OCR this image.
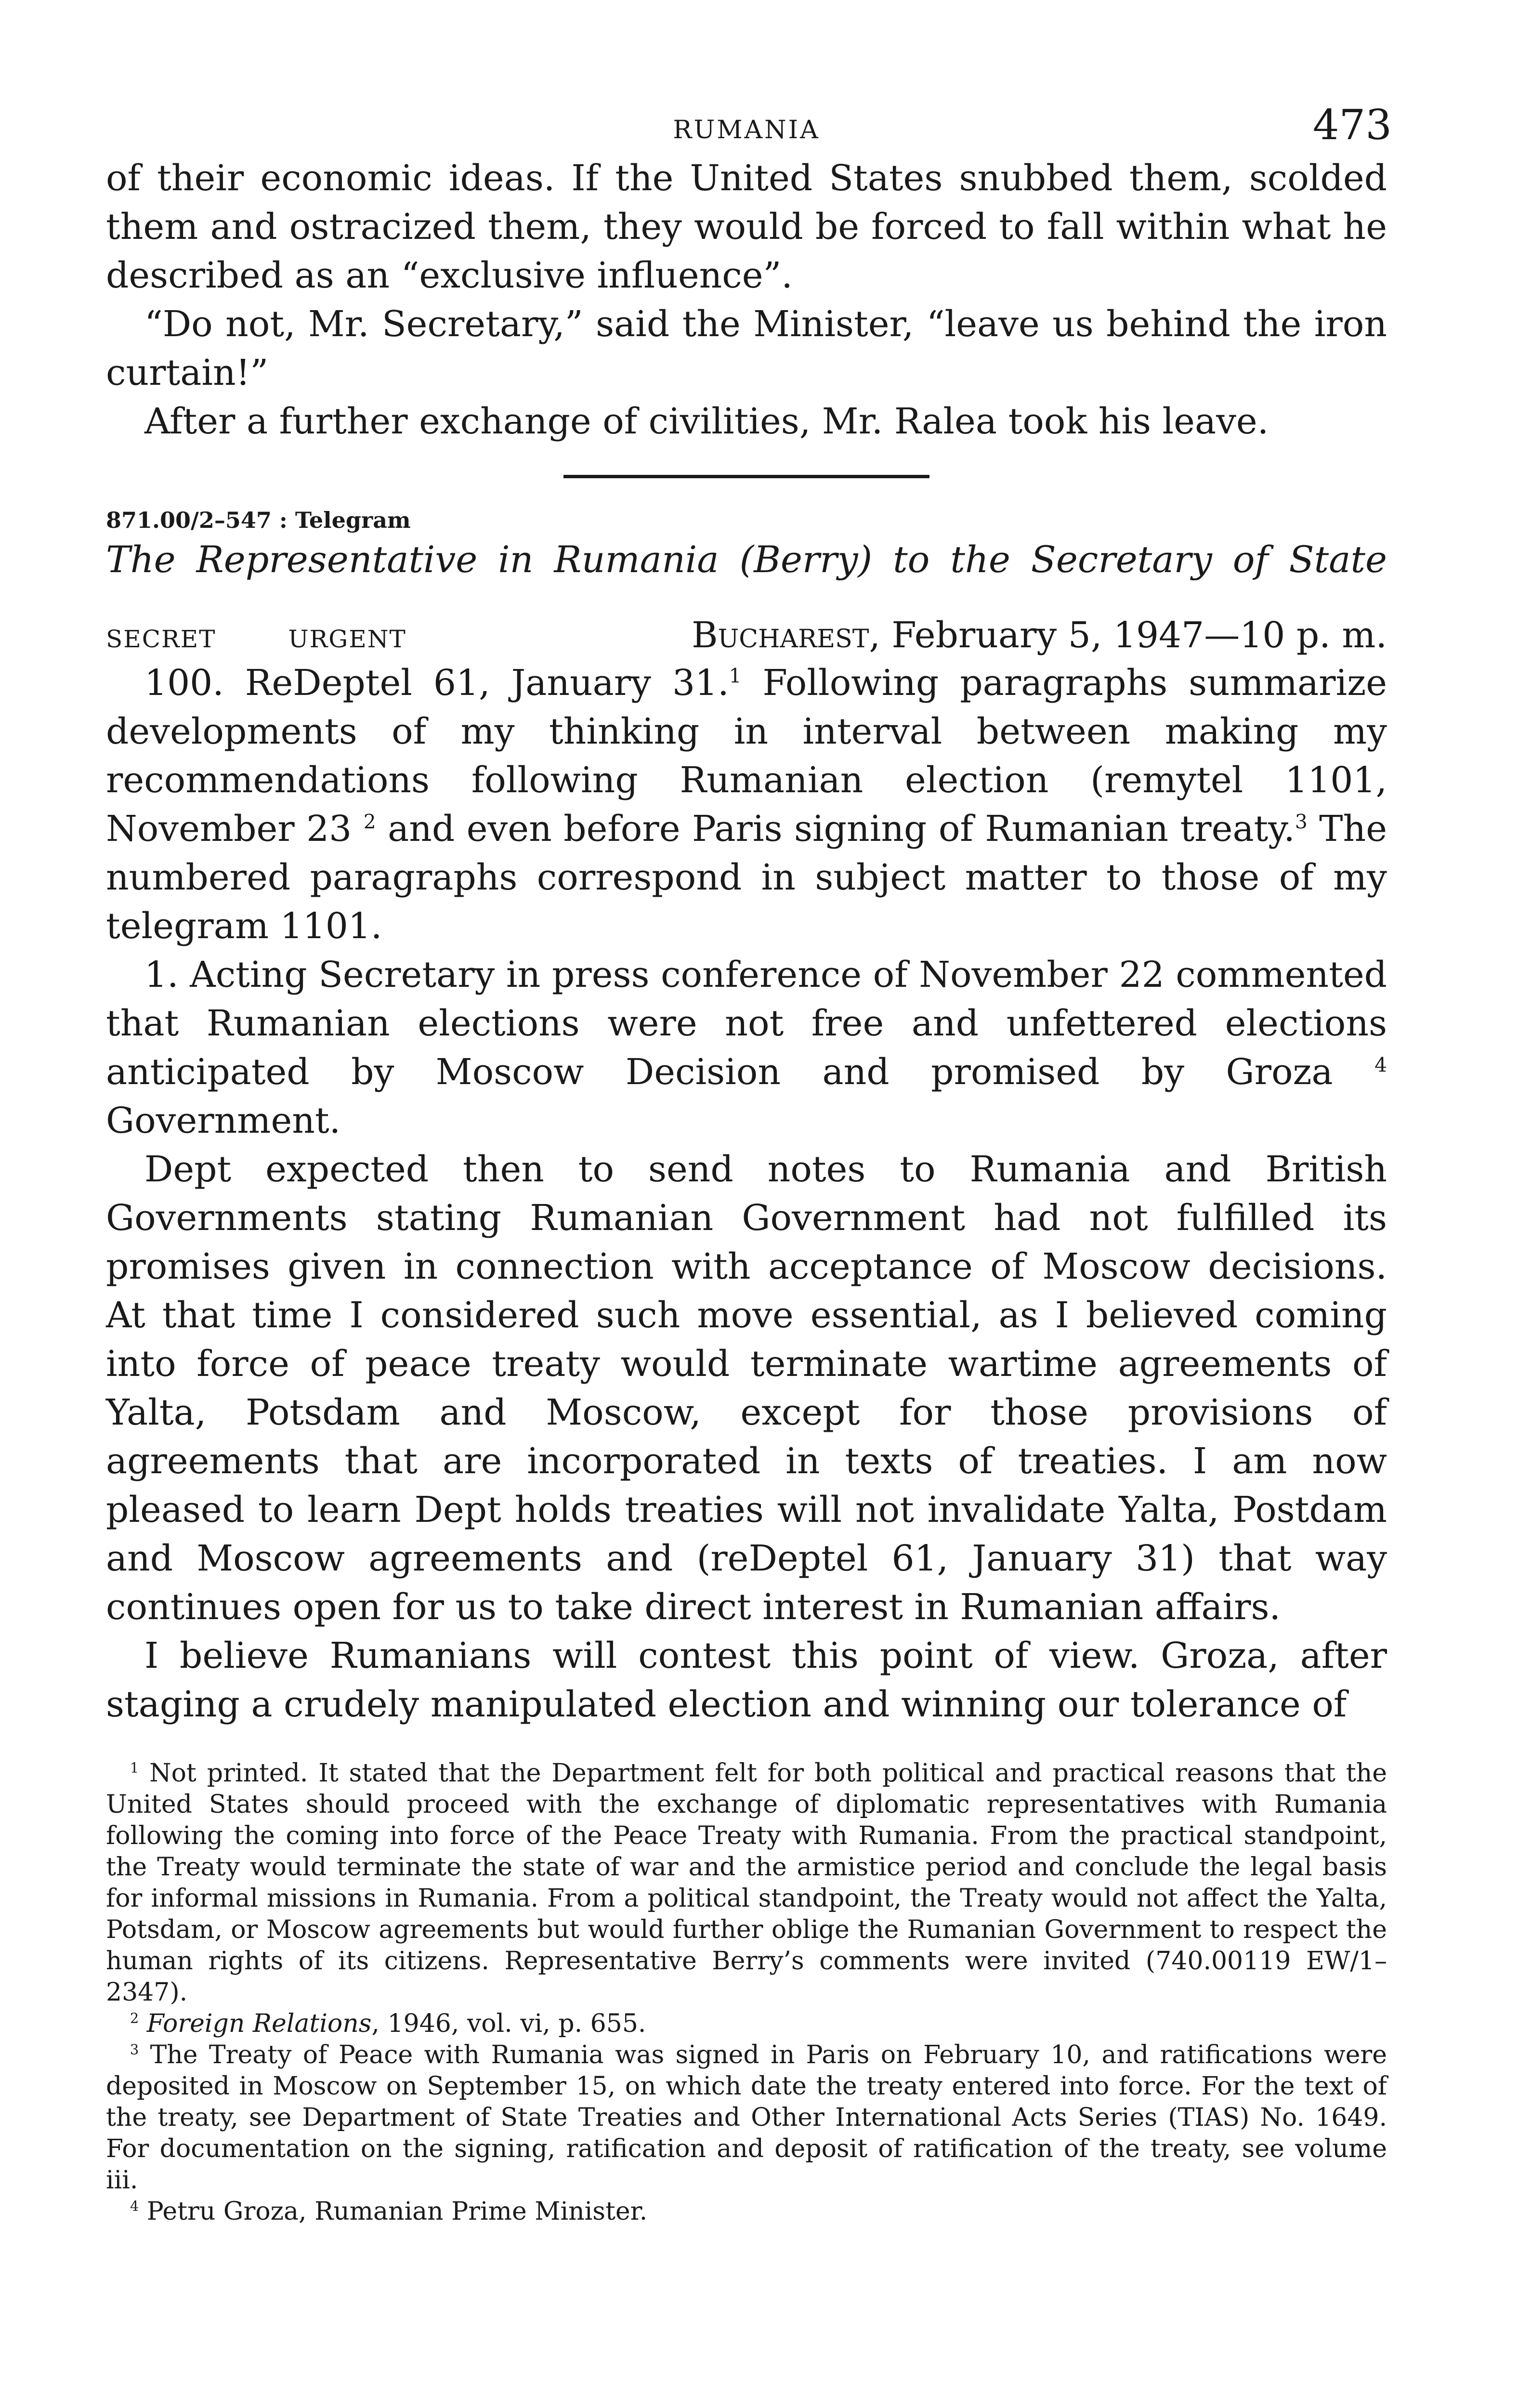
RUMANIA	473

of their economic ideas. If the United States snubbed them, scolded them and ostracized them, they would be forced to fall within what he described as an “exclusive influence”.

“Do not, Mr. Secretary,” said the Minister, “leave us behind the iron curtain!”

After a further exchange of civilities, Mr. Ralea took his leave.

871.00/2–547 : Telegram
The Representative in Rumania (Berry) to the Secretary of State
SECRET	URGENT	Bucharest, February 5, 1947—10 p. m.

100. ReDeptel 61, January 31.$^1$ Following paragraphs summarize developments of my thinking in interval between making my recommendations following Rumanian election (remytel 1101, November 23 $^2$ and even before Paris signing of Rumanian treaty.$^3$ The numbered paragraphs correspond in subject matter to those of my telegram 1101.

1. Acting Secretary in press conference of November 22 commented that Rumanian elections were not free and unfettered elections anticipated by Moscow Decision and promised by Groza $^4$ Government.

Dept expected then to send notes to Rumania and British Governments stating Rumanian Government had not fulfilled its promises given in connection with acceptance of Moscow decisions. At that time I considered such move essential, as I believed coming into force of peace treaty would terminate wartime agreements of Yalta, Potsdam and Moscow, except for those provisions of agreements that are incorporated in texts of treaties. I am now pleased to learn Dept holds treaties will not invalidate Yalta, Postdam and Moscow agreements and (reDeptel 61, January 31) that way continues open for us to take direct interest in Rumanian affairs.

I believe Rumanians will contest this point of view. Groza, after staging a crudely manipulated election and winning our tolerance of

$^1$ Not printed. It stated that the Department felt for both political and practical reasons that the United States should proceed with the exchange of diplomatic representatives with Rumania following the coming into force of the Peace Treaty with Rumania. From the practical standpoint, the Treaty would terminate the state of war and the armistice period and conclude the legal basis for informal missions in Rumania. From a political standpoint, the Treaty would not affect the Yalta, Potsdam, or Moscow agreements but would further oblige the Rumanian Government to respect the human rights of its citizens. Representative Berry’s comments were invited (740.00119 EW/1–2347).

$^2$ Foreign Relations, 1946, vol. vi, p. 655.

$^3$ The Treaty of Peace with Rumania was signed in Paris on February 10, and ratifications were deposited in Moscow on September 15, on which date the treaty entered into force. For the text of the treaty, see Department of State Treaties and Other International Acts Series (TIAS) No. 1649. For documentation on the signing, ratification and deposit of ratification of the treaty, see volume iii.

$^4$ Petru Groza, Rumanian Prime Minister.
